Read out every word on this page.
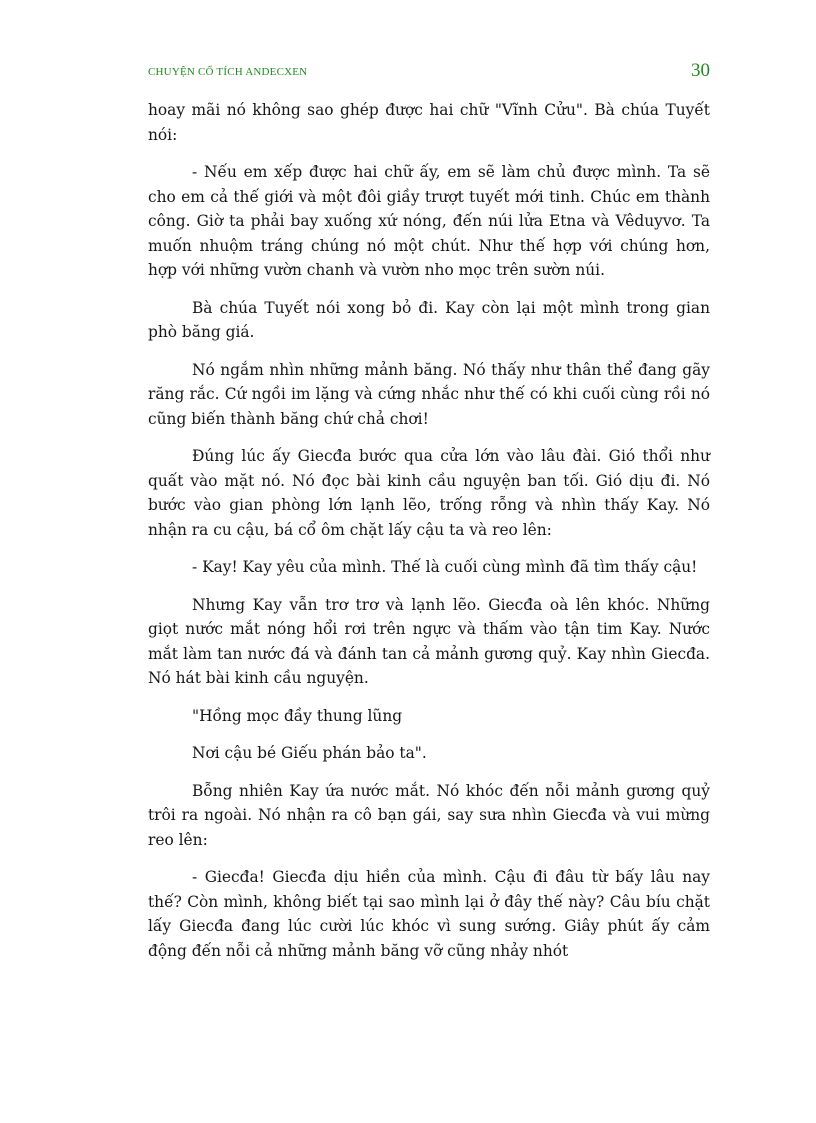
CHUYỆN CỔ TÍCH ANDECXEN	30

hoay mãi nó không sao ghép được hai chữ "Vĩnh Cửu". Bà chúa Tuyết nói:

- Nếu em xếp được hai chữ ấy, em sẽ làm chủ được mình. Ta sẽ cho em cả thế giới và một đôi giầy trượt tuyết mới tinh. Chúc em thành công. Giờ ta phải bay xuống xứ nóng, đến núi lửa Etna và Vêduyvơ. Ta muốn nhuộm tráng chúng nó một chút. Như thế hợp với chúng hơn, hợp với những vườn chanh và vườn nho mọc trên sườn núi.

Bà chúa Tuyết nói xong bỏ đi. Kay còn lại một mình trong gian phò băng giá.

Nó ngắm nhìn những mảnh băng. Nó thấy như thân thể đang gãy răng rắc. Cứ ngồi im lặng và cứng nhắc như thế có khi cuối cùng rồi nó cũng biến thành băng chứ chả chơi!

Đúng lúc ấy Giecđa bước qua cửa lớn vào lâu đài. Gió thổi như quất vào mặt nó. Nó đọc bài kinh cầu nguyện ban tối. Gió dịu đi. Nó bước vào gian phòng lớn lạnh lẽo, trống rỗng và nhìn thấy Kay. Nó nhận ra cu cậu, bá cổ ôm chặt lấy cậu ta và reo lên:

- Kay! Kay yêu của mình. Thế là cuối cùng mình đã tìm thấy cậu!

Nhưng Kay vẫn trơ trơ và lạnh lẽo. Giecđa oà lên khóc. Những giọt nước mắt nóng hổi rơi trên ngực và thấm vào tận tim Kay. Nước mắt làm tan nước đá và đánh tan cả mảnh gương quỷ. Kay nhìn Giecđa. Nó hát bài kinh cầu nguyện.

"Hồng mọc đầy thung lũng

Nơi cậu bé Giếu phán bảo ta".

Bỗng nhiên Kay ứa nước mắt. Nó khóc đến nỗi mảnh gương quỷ trôi ra ngoài. Nó nhận ra cô bạn gái, say sưa nhìn Giecđa và vui mừng reo lên:

- Giecđa! Giecđa dịu hiền của mình. Cậu đi đâu từ bấy lâu nay thế? Còn mình, không biết tại sao mình lại ở đây thế này? Câu bíu chặt lấy Giecđa đang lúc cười lúc khóc vì sung sướng. Giây phút ấy cảm động đến nỗi cả những mảnh băng vỡ cũng nhảy nhót
